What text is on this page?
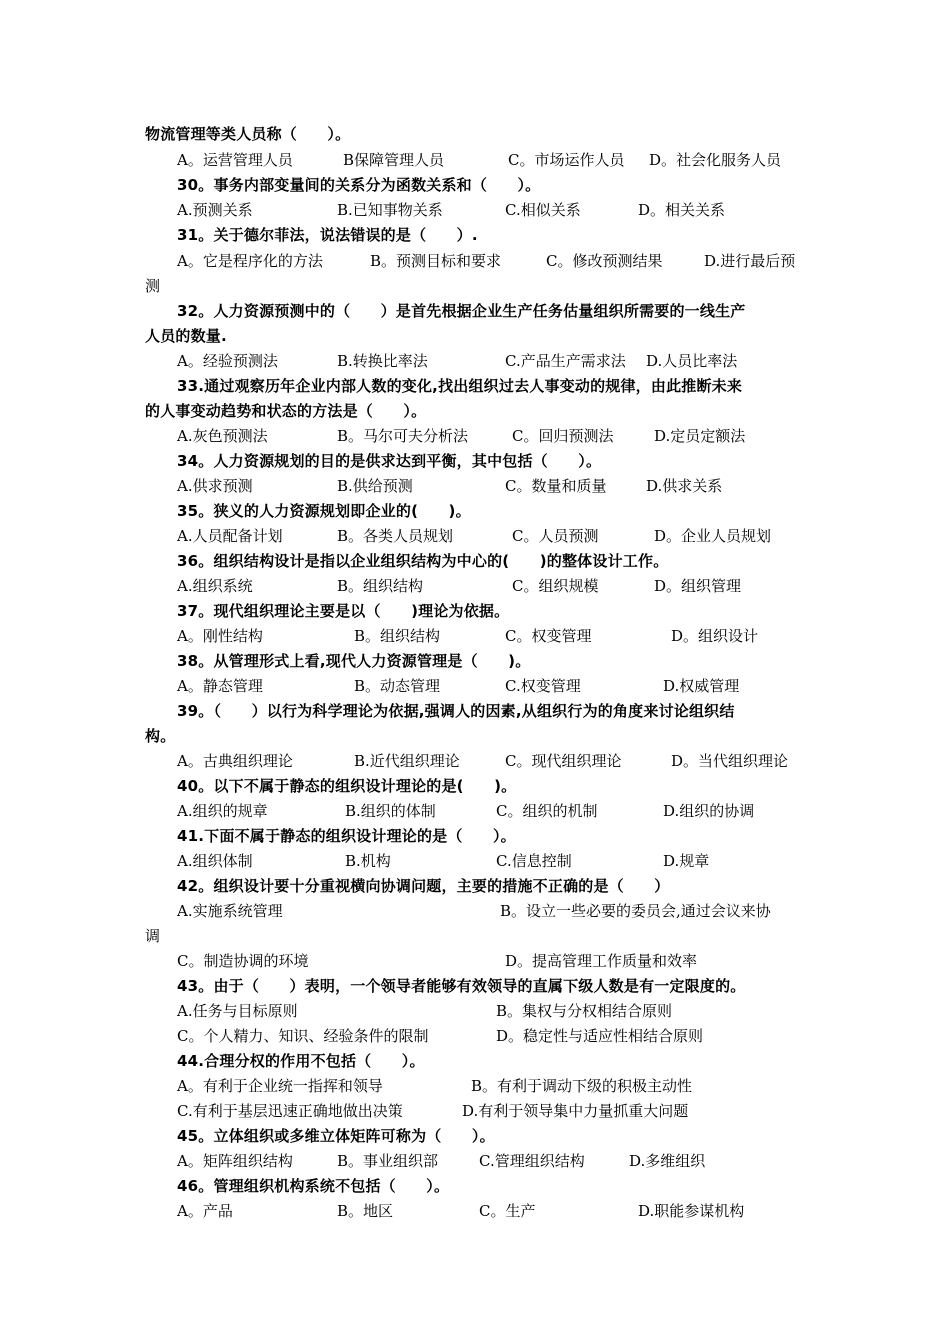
物流管理等类人员称（　　）。
A。运营管理人员	B保障管理人员	C。市场运作人员 D。社会化服务人员
30。事务内部变量间的关系分为函数关系和（　　）。
A.预测关系	B.已知事物关系	C.相似关系	D。相关关系
31。关于德尔菲法，说法错误的是（　　）.
A。它是程序化的方法	B。预测目标和要求	C。修改预测结果	D.进行最后预
测
32。人力资源预测中的（　　）是首先根据企业生产任务估量组织所需要的一线生产
人员的数量.
A。经验预测法	B.转换比率法	C.产品生产需求法 D.人员比率法
33.通过观察历年企业内部人数的变化,找出组织过去人事变动的规律，由此推断未来
的人事变动趋势和状态的方法是（　　）。
A.灰色预测法	B。马尔可夫分析法	C。回归预测法	D.定员定额法
34。人力资源规划的目的是供求达到平衡，其中包括（　　）。
A.供求预测	B.供给预测	C。数量和质量	D.供求关系
35。狭义的人力资源规划即企业的(　　)。
A.人员配备计划	B。各类人员规划	C。人员预测	D。企业人员规划
36。组织结构设计是指以企业组织结构为中心的(　　)的整体设计工作。
A.组织系统	B。组织结构	C。组织规模	D。组织管理
37。现代组织理论主要是以（　　)理论为依据。
A。刚性结构	B。组织结构	C。权变管理	D。组织设计
38。从管理形式上看,现代人力资源管理是（　　)。
A。静态管理	B。动态管理	C.权变管理	D.权威管理
39。（　　）以行为科学理论为依据,强调人的因素,从组织行为的角度来讨论组织结
构。
A。古典组织理论	B.近代组织理论	C。现代组织理论	D。当代组织理论
40。以下不属于静态的组织设计理论的是(　　)。
A.组织的规章	B.组织的体制	C。组织的机制	D.组织的协调
41.下面不属于静态的组织设计理论的是（　　）。
A.组织体制	B.机构	C.信息控制	D.规章
42。组织设计要十分重视横向协调问题，主要的措施不正确的是（　　）
A.实施系统管理	B。设立一些必要的委员会,通过会议来协
调
C。制造协调的环境	D。提高管理工作质量和效率
43。由于（　　）表明，一个领导者能够有效领导的直属下级人数是有一定限度的。
A.任务与目标原则	B。集权与分权相结合原则
C。个人精力、知识、经验条件的限制	D。稳定性与适应性相结合原则
44.合理分权的作用不包括（　　）。
A。有利于企业统一指挥和领导	B。有利于调动下级的积极主动性
C.有利于基层迅速正确地做出决策	D.有利于领导集中力量抓重大问题
45。立体组织或多维立体矩阵可称为（　　）。
A。矩阵组织结构	B。事业组织部	C.管理组织结构	D.多维组织
46。管理组织机构系统不包括（　　）。
A。产品	B。地区	C。生产	D.职能参谋机构
